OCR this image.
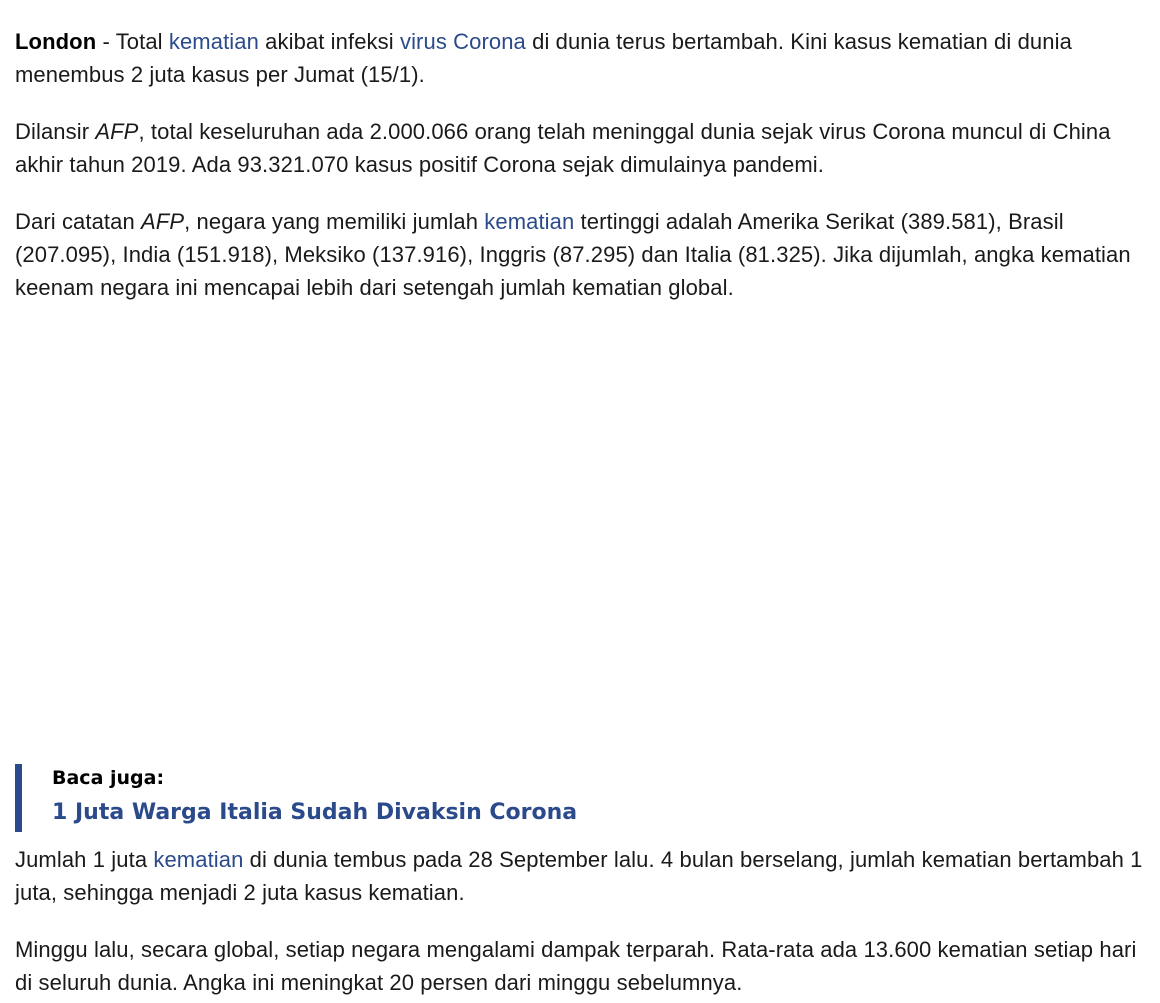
London - Total kematian akibat infeksi virus Corona di dunia terus bertambah. Kini kasus kematian di dunia menembus 2 juta kasus per Jumat (15/1).

Dilansir AFP, total keseluruhan ada 2.000.066 orang telah meninggal dunia sejak virus Corona muncul di China akhir tahun 2019. Ada 93.321.070 kasus positif Corona sejak dimulainya pandemi.

Dari catatan AFP, negara yang memiliki jumlah kematian tertinggi adalah Amerika Serikat (389.581), Brasil (207.095), India (151.918), Meksiko (137.916), Inggris (87.295) dan Italia (81.325). Jika dijumlah, angka kematian keenam negara ini mencapai lebih dari setengah jumlah kematian global.

Baca juga:
1 Juta Warga Italia Sudah Divaksin Corona

Jumlah 1 juta kematian di dunia tembus pada 28 September lalu. 4 bulan berselang, jumlah kematian bertambah 1 juta, sehingga menjadi 2 juta kasus kematian.

Minggu lalu, secara global, setiap negara mengalami dampak terparah. Rata-rata ada 13.600 kematian setiap hari di seluruh dunia. Angka ini meningkat 20 persen dari minggu sebelumnya.
